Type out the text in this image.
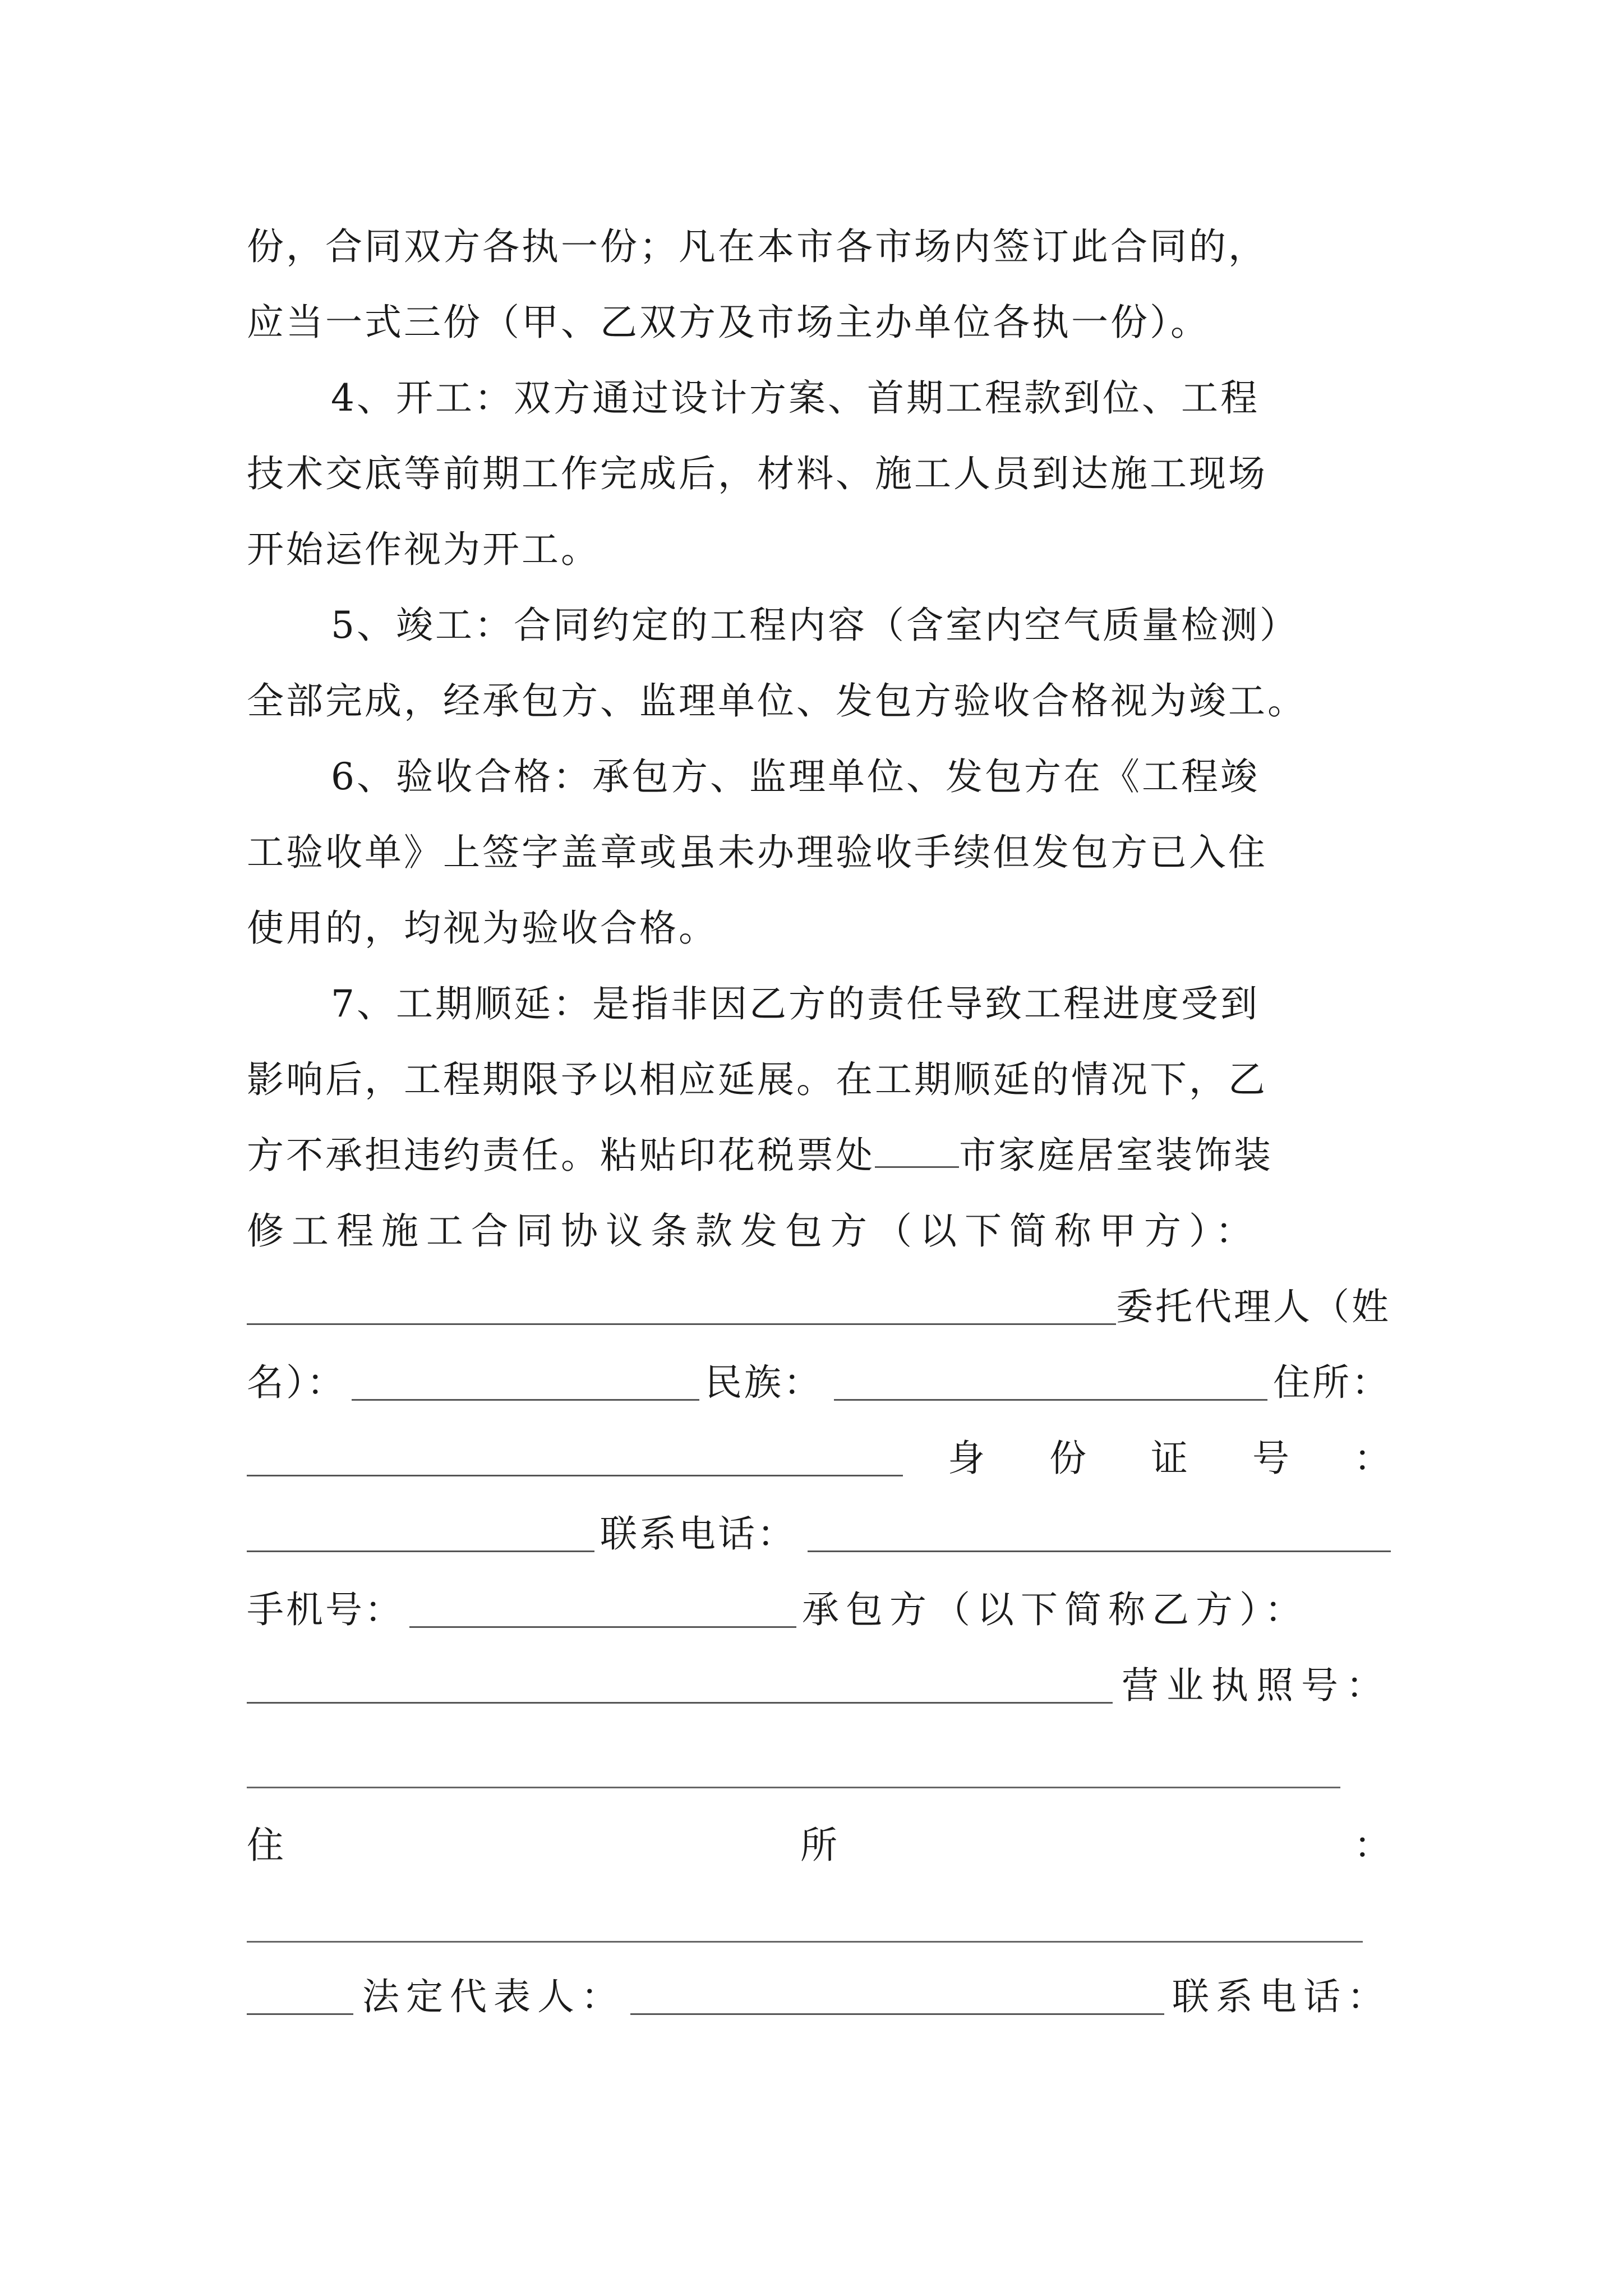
份，合同双方各执一份；凡在本市各市场内签订此合同的，
应当一式三份（甲、乙双方及市场主办单位各执一份）。
4、开工：双方通过设计方案、首期工程款到位、工程
技术交底等前期工作完成后，材料、施工人员到达施工现场
开始运作视为开工。
5、竣工：合同约定的工程内容（含室内空气质量检测）
全部完成，经承包方、监理单位、发包方验收合格视为竣工。
6、验收合格：承包方、监理单位、发包方在《工程竣
工验收单》上签字盖章或虽未办理验收手续但发包方已入住
使用的，均视为验收合格。
7、工期顺延：是指非因乙方的责任导致工程进度受到
影响后，工程期限予以相应延展。在工期顺延的情况下，乙
方不承担违约责任。粘贴印花税票处 市家庭居室装饰装
修工程施工合同协议条款发包方（以下简称甲方）：
委托代理人（姓
名）：	民族：	住所：
身 份 证 号 ：
联系电话：
手机号：	承包方（以下简称乙方）：
营业执照号：
住	所	：
法定代表人：	联系电话：
